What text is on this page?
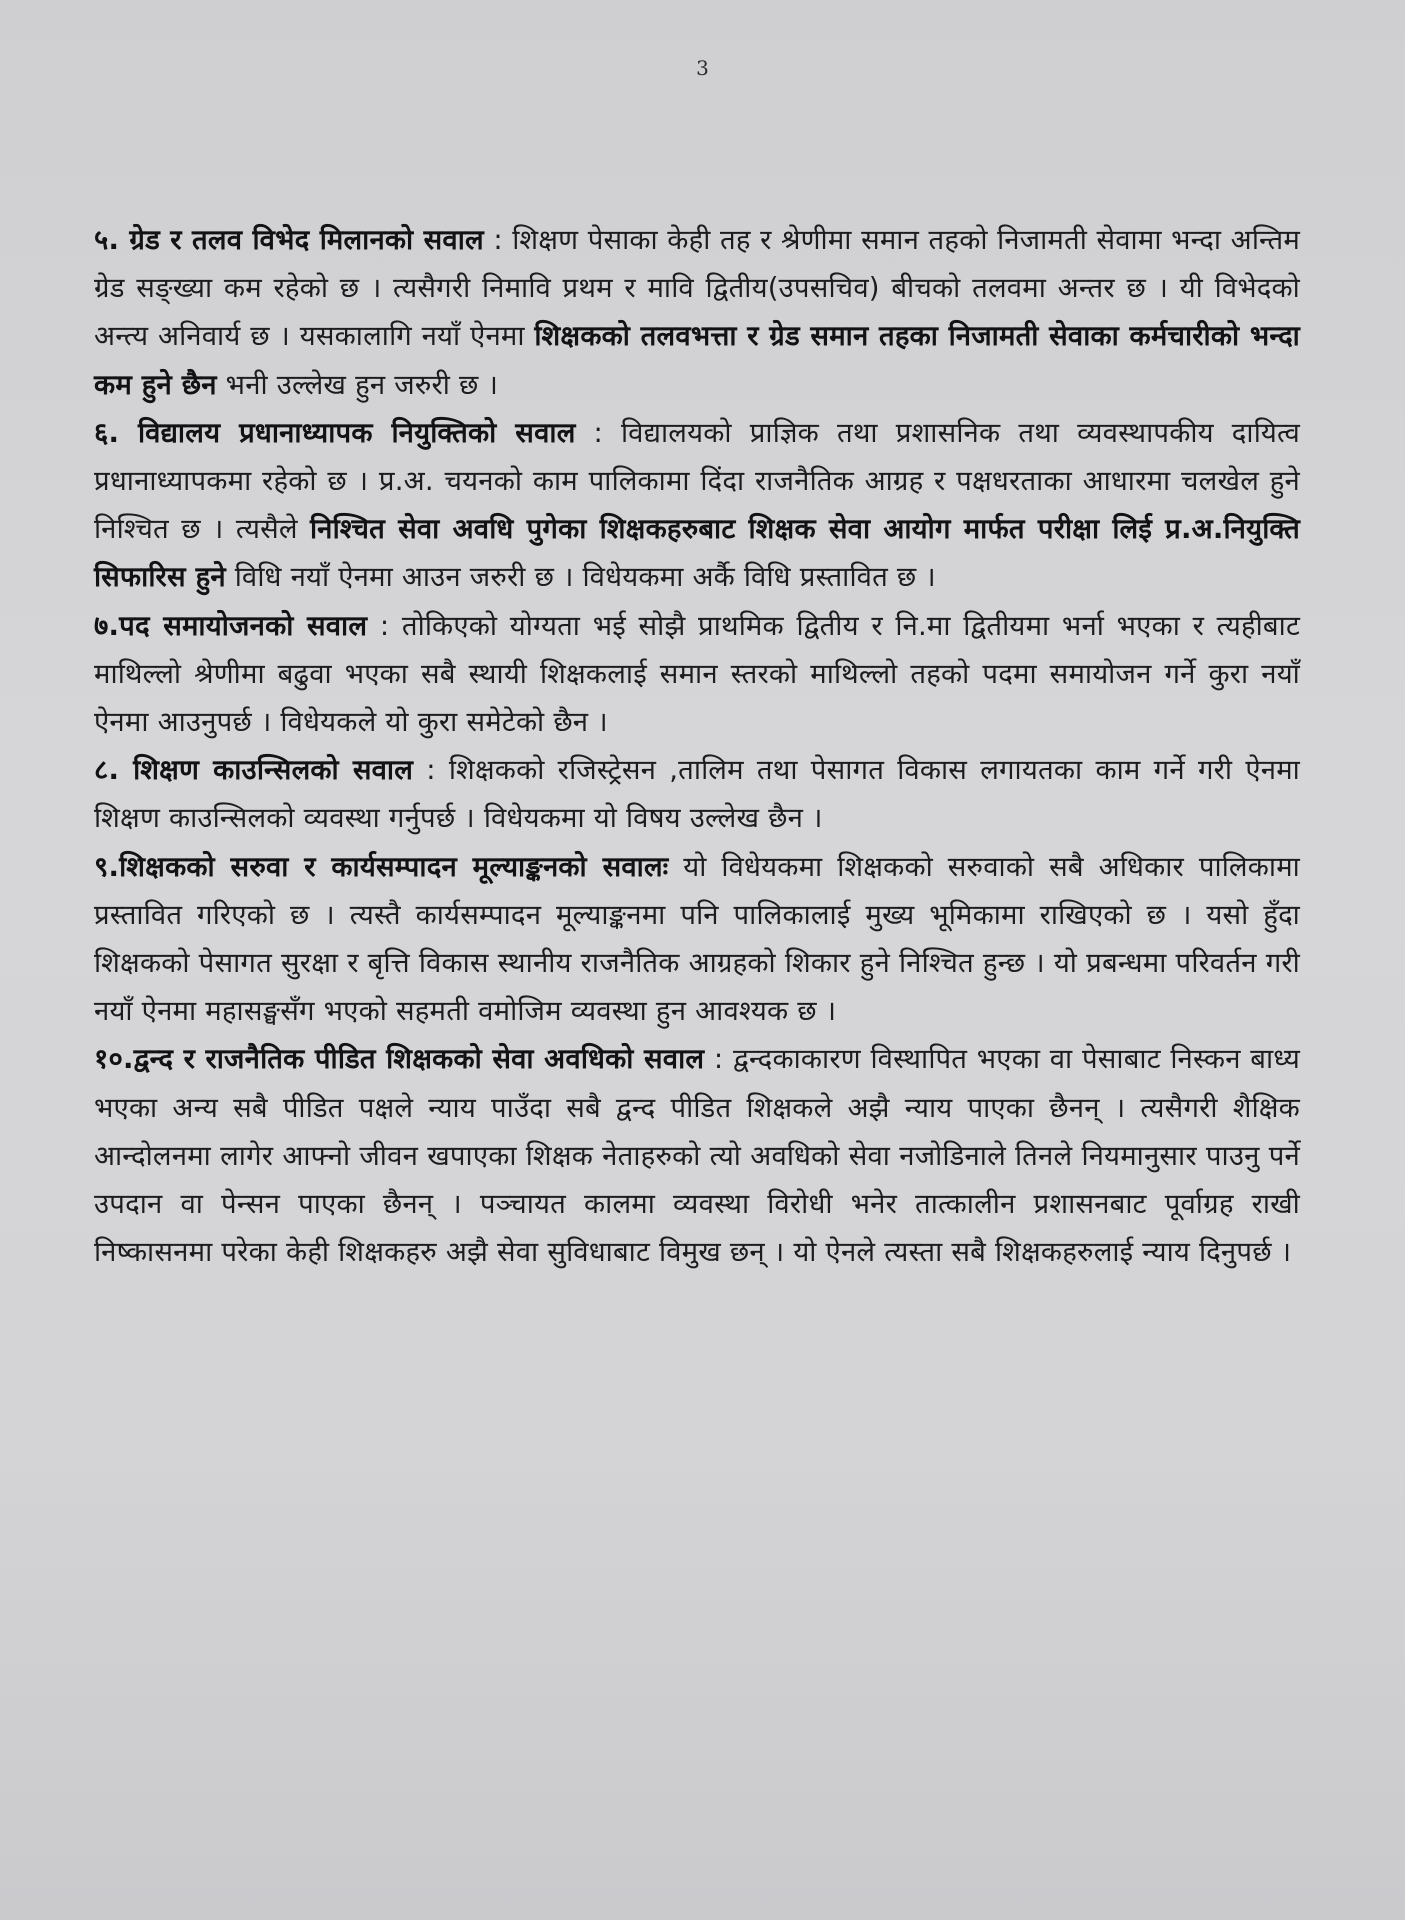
3

५. ग्रेड र तलव विभेद मिलानको सवाल : शिक्षण पेसाका केही तह र श्रेणीमा समान तहको निजामती सेवामा भन्दा अन्तिम ग्रेड सङ्ख्या कम रहेको छ । त्यसैगरी निमावि प्रथम र मावि द्वितीय(उपसचिव) बीचको तलवमा अन्तर छ । यी विभेदको अन्त्य अनिवार्य छ । यसकालागि नयाँ ऐनमा शिक्षकको तलवभत्ता र ग्रेड समान तहका निजामती सेवाका कर्मचारीको भन्दा कम हुने छैन भनी उल्लेख हुन जरुरी छ ।

६. विद्यालय प्रधानाध्यापक नियुक्तिको सवाल : विद्यालयको प्राज्ञिक तथा प्रशासनिक तथा व्यवस्थापकीय दायित्व प्रधानाध्यापकमा रहेको छ । प्र.अ. चयनको काम पालिकामा दिंदा राजनैतिक आग्रह र पक्षधरताका आधारमा चलखेल हुने निश्चित छ । त्यसैले निश्चित सेवा अवधि पुगेका शिक्षकहरुबाट शिक्षक सेवा आयोग मार्फत परीक्षा लिई प्र.अ.नियुक्ति सिफारिस हुने विधि नयाँ ऐनमा आउन जरुरी छ । विधेयकमा अर्कै विधि प्रस्तावित छ ।

७.पद समायोजनको सवाल : तोकिएको योग्यता भई सोझै प्राथमिक द्वितीय र नि.मा द्वितीयमा भर्ना भएका र त्यहीबाट माथिल्लो श्रेणीमा बढुवा भएका सबै स्थायी शिक्षकलाई समान स्तरको माथिल्लो तहको पदमा समायोजन गर्ने कुरा नयाँ ऐनमा आउनुपर्छ । विधेयकले यो कुरा समेटेको छैन ।

८. शिक्षण काउन्सिलको सवाल : शिक्षकको रजिस्ट्रेसन ,तालिम तथा पेसागत विकास लगायतका काम गर्ने गरी ऐनमा शिक्षण काउन्सिलको व्यवस्था गर्नुपर्छ । विधेयकमा यो विषय उल्लेख छैन ।

९.शिक्षकको सरुवा र कार्यसम्पादन मूल्याङ्कनको सवालः यो विधेयकमा शिक्षकको सरुवाको सबै अधिकार पालिकामा प्रस्तावित गरिएको छ । त्यस्तै कार्यसम्पादन मूल्याङ्कनमा पनि पालिकालाई मुख्य भूमिकामा राखिएको छ । यसो हुँदा शिक्षकको पेसागत सुरक्षा र बृत्ति विकास स्थानीय राजनैतिक आग्रहको शिकार हुने निश्चित हुन्छ । यो प्रबन्धमा परिवर्तन गरी नयाँ ऐनमा महासङ्घसँग भएको सहमती वमोजिम व्यवस्था हुन आवश्यक छ ।

१०.द्वन्द र राजनैतिक पीडित शिक्षकको सेवा अवधिको सवाल : द्वन्दकाकारण विस्थापित भएका वा पेसाबाट निस्कन बाध्य भएका अन्य सबै पीडित पक्षले न्याय पाउँदा सबै द्वन्द पीडित शिक्षकले अझै न्याय पाएका छैनन् । त्यसैगरी शैक्षिक आन्दोलनमा लागेर आफ्नो जीवन खपाएका शिक्षक नेताहरुको त्यो अवधिको सेवा नजोडिनाले तिनले नियमानुसार पाउनु पर्ने उपदान वा पेन्सन पाएका छैनन् । पञ्चायत कालमा व्यवस्था विरोधी भनेर तात्कालीन प्रशासनबाट पूर्वाग्रह राखी निष्कासनमा परेका केही शिक्षकहरु अझै सेवा सुविधाबाट विमुख छन् । यो ऐनले त्यस्ता सबै शिक्षकहरुलाई न्याय दिनुपर्छ ।
